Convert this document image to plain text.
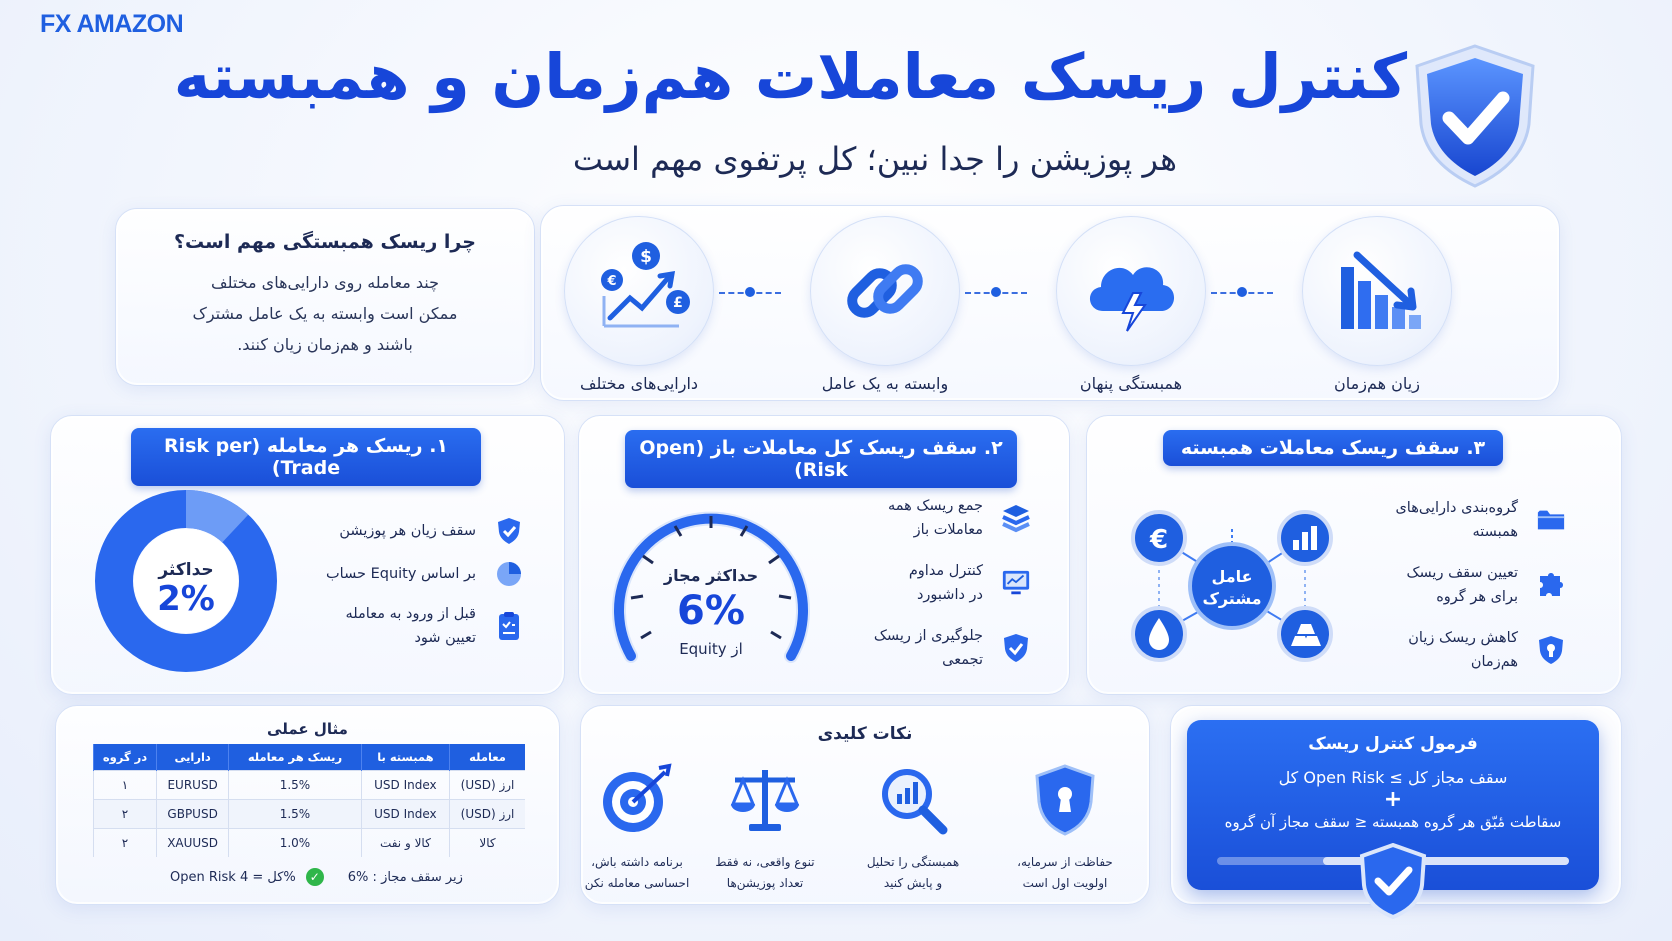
FX AMAZON
کنترل ریسک معاملات هم‌زمان و همبسته
هر پوزیشن را جدا نبین؛ کل پرتفوی مهم است
چرا ریسک همبستگی مهم است؟

چند معامله روی دارایی‌های مختلف

ممکن است وابسته به یک عامل مشترک

باشند و هم‌زمان زیان کنند.

$
€
£
دارایی‌های مختلف	وابسته به یک عامل	همبستگی پنهان	زیان هم‌زمان
۱. ریسک هر معامله (Risk per Trade)
حداکثر
2%
سقف زیان هر پوزیشن
بر اساس Equity حساب
قبل از ورود به معامله
تعیین شود
۲. سقف ریسک کل معاملات باز (Open Risk)
حداکثر مجاز
6%
از Equity
جمع ریسک همه
معاملات باز
کنترل مداوم
در داشبورد
جلوگیری از ریسک
تجمعی
۳. سقف ریسک معاملات همبسته
عامل
مشترک
€
گروه‌بندی دارایی‌های
همبسته
تعیین سقف ریسک
برای هر گروه
کاهش ریسک زیان
هم‌زمان
مثال عملی
معامله	همبسته با	ریسک هر معامله	دارایی	در گروه
ارز (USD)	USD Index	1.5%	EURUSD	۱
ارز (USD)	USD Index	1.5%	GBPUSD	۲
کالا	کالا و نفت	1.0%	XAUUSD	۲
Open Risk کل = 4%	✓	6% : زیر سقف مجاز
نکات کلیدی
حفاظت از سرمایه،
اولویت اول است
همبستگی را تحلیل
و پایش کنید
تنوع واقعی، نه فقط
تعداد پوزیشن‌ها
برنامه داشته باش،
احساسی معامله نکن
فرمول کنترل ریسک
سقف مجاز کل ≥ Open Risk کل
+
سقاطت مٔبّق هر گروه همبسته ≤ سقف مجاز آن گروه
